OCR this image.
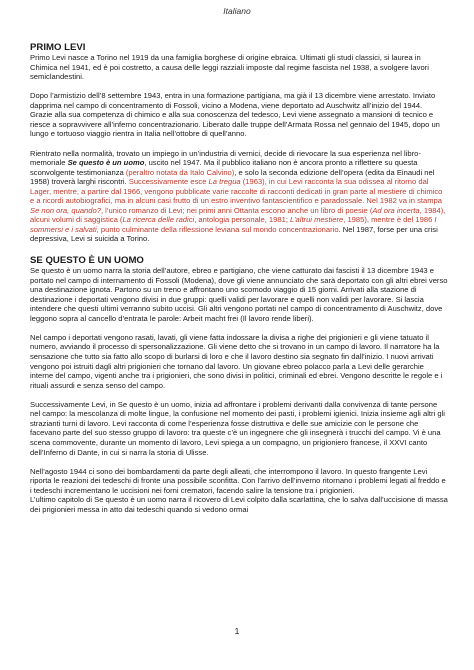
Italiano
PRIMO LEVI

Primo Levi nasce a Torino nel 1919 da una famiglia borghese di origine ebraica. Ultimati gli studi classici, si laurea in Chimica nel 1941, ed è poi costretto, a causa delle leggi razziali imposte dal regime fascista nel 1938, a svolgere lavori semiclandestini.

Dopo l’armistizio dell’8 settembre 1943, entra in una formazione partigiana, ma già il 13 dicembre viene arrestato. Inviato dapprima nel campo di concentramento di Fossoli, vicino a Modena, viene deportato ad Auschwitz all’inizio del 1944.

Grazie alla sua competenza di chimico e alla sua conoscenza del tedesco, Levi viene assegnato a mansioni di tecnico e riesce a sopravvivere all’inferno concentrazionario. Liberato dalle truppe dell’Armata Rossa nel gennaio del 1945, dopo un lungo e tortuoso viaggio rientra in Italia nell’ottobre di quell’anno.

Rientrato nella normalità, trovato un impiego in un’industria di vernici, decide di rievocare la sua esperienza nel libro-memoriale Se questo è un uomo, uscito nel 1947. Ma il pubblico italiano non è ancora pronto a riflettere su questa sconvolgente testimonianza (peraltro notata da Italo Calvino), e solo la seconda edizione dell’opera (edita da Einaudi nel 1958) troverà larghi riscontri. Successivamente esce La tregua (1963), in cui Levi racconta la sua odissea al ritorno dal Lager, mentre, a partire dal 1966, vengono pubblicate varie raccolte di racconti dedicati in gran parte al mestiere di chimico e a ricordi autobiografici, ma in alcuni casi frutto di un estro inventivo fantascientifico e paradossale. Nel 1982 va in stampa Se non ora, quando?, l’unico romanzo di Levi; nei primi anni Ottanta escono anche un libro di poesie (Ad ora incerta, 1984), alcuni volumi di saggistica (La ricerca delle radici, antologia personale, 1981; L’altrui mestiere, 1985), mentre è del 1986 I sommersi e i salvati, punto culminante della riflessione leviana sul mondo concentrazionario. Nel 1987, forse per una crisi depressiva, Levi si suicida a Torino.

SE QUESTO È UN UOMO

Se questo è un uomo narra la storia dell’autore, ebreo e partigiano, che viene catturato dai fascisti il 13 dicembre 1943 e portato nel campo di internamento di Fossoli (Modena), dove gli viene annunciato che sarà deportato con gli altri ebrei verso una destinazione ignota. Partono su un treno e affrontano uno scomodo viaggio di 15 giorni. Arrivati alla stazione di destinazione i deportati vengono divisi in due gruppi: quelli validi per lavorare e quelli non validi per lavorare. Si lascia intendere che questi ultimi verranno subito uccisi. Gli altri vengono portati nel campo di concentramento di Auschwitz, dove leggono sopra al cancello d’entrata le parole: Arbeit macht frei (Il lavoro rende liberi).

Nel campo i deportati vengono rasati, lavati, gli viene fatta indossare la divisa a righe dei prigionieri e gli viene tatuato il numero, avviando il processo di spersonalizzazione. Gli viene detto che si trovano in un campo di lavoro. Il narratore ha la sensazione che tutto sia fatto allo scopo di burlarsi di loro e che il lavoro destino sia segnato fin dall’inizio. I nuovi arrivati vengono poi istruiti dagli altri prigionieri che tornano dal lavoro. Un giovane ebreo polacco parla a Levi delle gerarchie interne del campo, vigenti anche tra i prigionieri, che sono divisi in politici, criminali ed ebrei. Vengono descritte le regole e i rituali assurdi e senza senso del campo.

Successivamente Levi, in Se questo è un uomo, inizia ad affrontare i problemi derivanti dalla convivenza di tante persone nel campo: la mescolanza di molte lingue, la confusione nel momento dei pasti, i problemi igienici. Inizia insieme agli altri gli strazianti turni di lavoro. Levi racconta di come l’esperienza fosse distruttiva e delle sue amicizie con le persone che facevano parte del suo stesso gruppo di lavoro: tra queste c’è un ingegnere che gli insegnerà i trucchi del campo. Vi è una scena commovente, durante un momento di lavoro, Levi spiega a un compagno, un prigioniero francese, il XXVI canto dell’Inferno di Dante, in cui si narra la storia di Ulisse.

Nell’agosto 1944 ci sono dei bombardamenti da parte degli alleati, che interrompono il lavoro. In questo frangente Levi riporta le reazioni dei tedeschi di fronte una possibile sconfitta. Con l’arrivo dell’inverno ritornano i problemi legati al freddo e i tedeschi incrementano le uccisioni nei forni crematori, facendo salire la tensione tra i prigionieri.

L’ultimo capitolo di Se questo è un uomo narra il ricovero di Levi colpito dalla scarlattina, che lo salva dall’uccisione di massa dei prigionieri messa in atto dai tedeschi quando si vedono ormai

1
